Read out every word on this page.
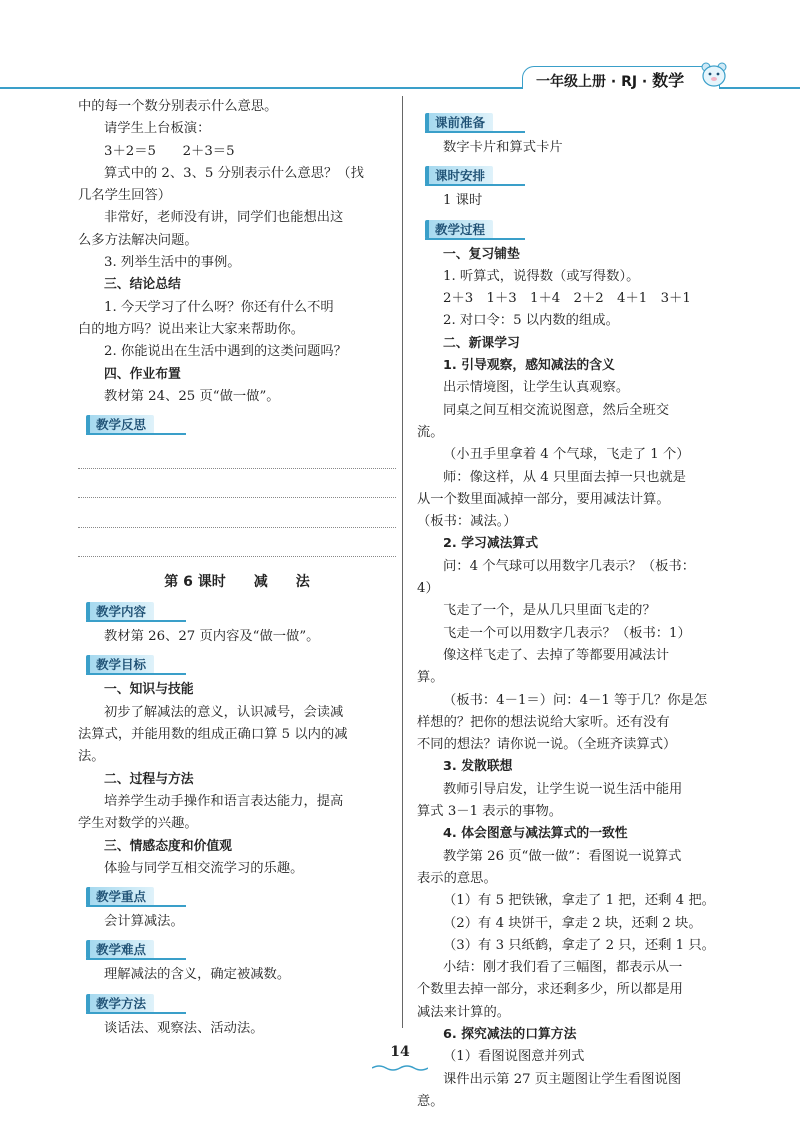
一年级上册 · RJ · 数学
中的每一个数分别表示什么意思。
请学生上台板演：
3＋2＝5　　2＋3＝5
算式中的 2、3、5 分别表示什么意思？（找
几名学生回答）
非常好，老师没有讲，同学们也能想出这
么多方法解决问题。
3. 列举生活中的事例。
三、结论总结
1. 今天学习了什么呀？你还有什么不明
白的地方吗？说出来让大家来帮助你。
2. 你能说出在生活中遇到的这类问题吗？
四、作业布置
教材第 24、25 页“做一做”。
教学反思
第 6 课时　　减　　法
教学内容
教材第 26、27 页内容及“做一做”。
教学目标
一、知识与技能
初步了解减法的意义，认识减号，会读减
法算式，并能用数的组成正确口算 5 以内的减
法。
二、过程与方法
培养学生动手操作和语言表达能力，提高
学生对数学的兴趣。
三、情感态度和价值观
体验与同学互相交流学习的乐趣。
教学重点
会计算减法。
教学难点
理解减法的含义，确定被减数。
教学方法
谈话法、观察法、活动法。
课前准备
数字卡片和算式卡片
课时安排
1 课时
教学过程
一、复习铺垫
1. 听算式，说得数（或写得数）。
2＋3　1＋3　1＋4　2＋2　4＋1　3＋1
2. 对口令：5 以内数的组成。
二、新课学习
1. 引导观察，感知减法的含义
出示情境图，让学生认真观察。
同桌之间互相交流说图意，然后全班交
流。
（小丑手里拿着 4 个气球，飞走了 1 个）
师：像这样，从 4 只里面去掉一只也就是
从一个数里面减掉一部分，要用减法计算。
（板书：减法。）
2. 学习减法算式
问：4 个气球可以用数字几表示？（板书：
4）
飞走了一个，是从几只里面飞走的？
飞走一个可以用数字几表示？（板书：1）
像这样飞走了、去掉了等都要用减法计
算。
（板书：4－1＝）问：4－1 等于几？你是怎
样想的？把你的想法说给大家听。还有没有
不同的想法？请你说一说。（全班齐读算式）
3. 发散联想
教师引导启发，让学生说一说生活中能用
算式 3－1 表示的事物。
4. 体会图意与减法算式的一致性
教学第 26 页“做一做”：看图说一说算式
表示的意思。
（1）有 5 把铁锹，拿走了 1 把，还剩 4 把。
（2）有 4 块饼干，拿走 2 块，还剩 2 块。
（3）有 3 只纸鹤，拿走了 2 只，还剩 1 只。
小结：刚才我们看了三幅图，都表示从一
个数里去掉一部分，求还剩多少，所以都是用
减法来计算的。
6. 探究减法的口算方法
（1）看图说图意并列式
课件出示第 27 页主题图让学生看图说图
意。
14
